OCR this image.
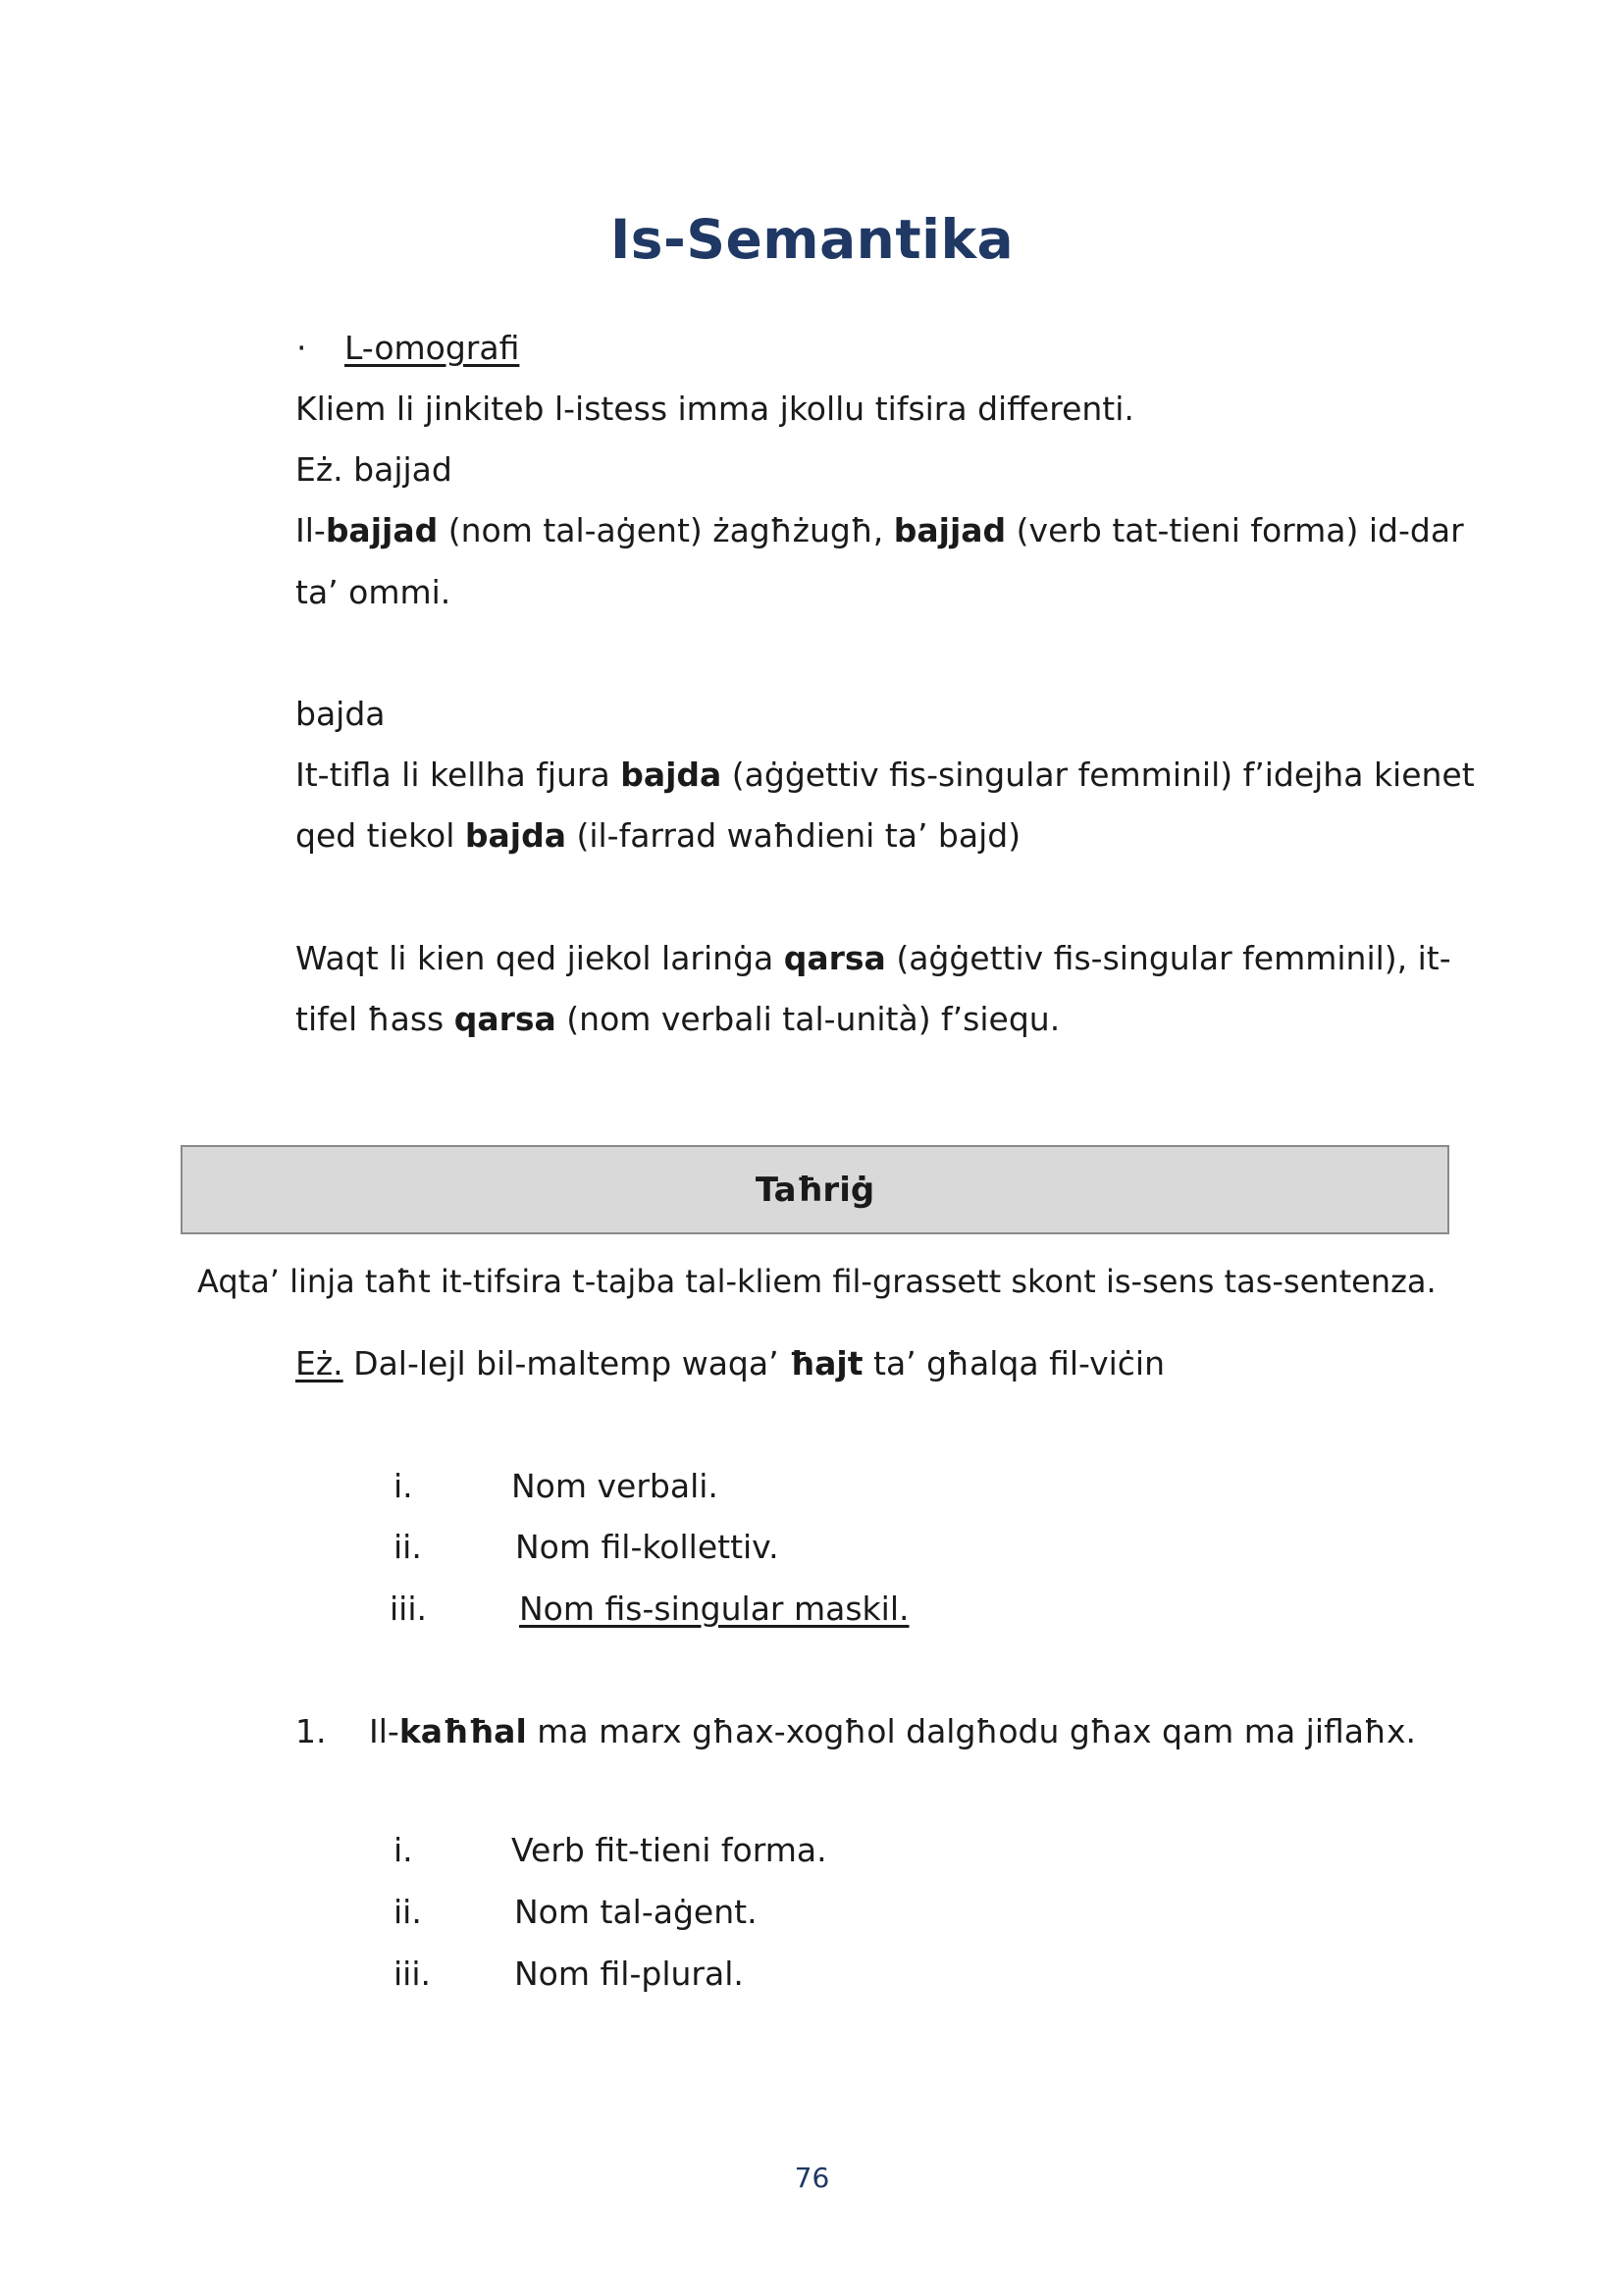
Is-Semantika
· L-omografi
Kliem li jinkiteb l-istess imma jkollu tifsira differenti.
Eż. bajjad
Il-bajjad (nom tal-aġent) żagħżugħ, bajjad (verb tat-tieni forma) id-dar
ta’ ommi.
bajda
It-tifla li kellha fjura bajda (aġġettiv fis-singular femminil) f’idejha kienet
qed tiekol bajda (il-farrad waħdieni ta’ bajd)
Waqt li kien qed jiekol larinġa qarsa (aġġettiv fis-singular femminil), it-
tifel ħass qarsa (nom verbali tal-unità) f’siequ.
Taħriġ
Aqta’ linja taħt it-tifsira t-tajba tal-kliem fil-grassett skont is-sens tas-sentenza.
Eż. Dal-lejl bil-maltemp waqa’ ħajt ta’ għalqa fil-viċin
i.	Nom verbali.
ii.	Nom fil-kollettiv.
iii.	Nom fis-singular maskil.
1. Il-kaħħal ma marx għax-xogħol dalgħodu għax qam ma jiflaħx.
i.	Verb fit-tieni forma.
ii.	Nom tal-aġent.
iii.	Nom fil-plural.
76
